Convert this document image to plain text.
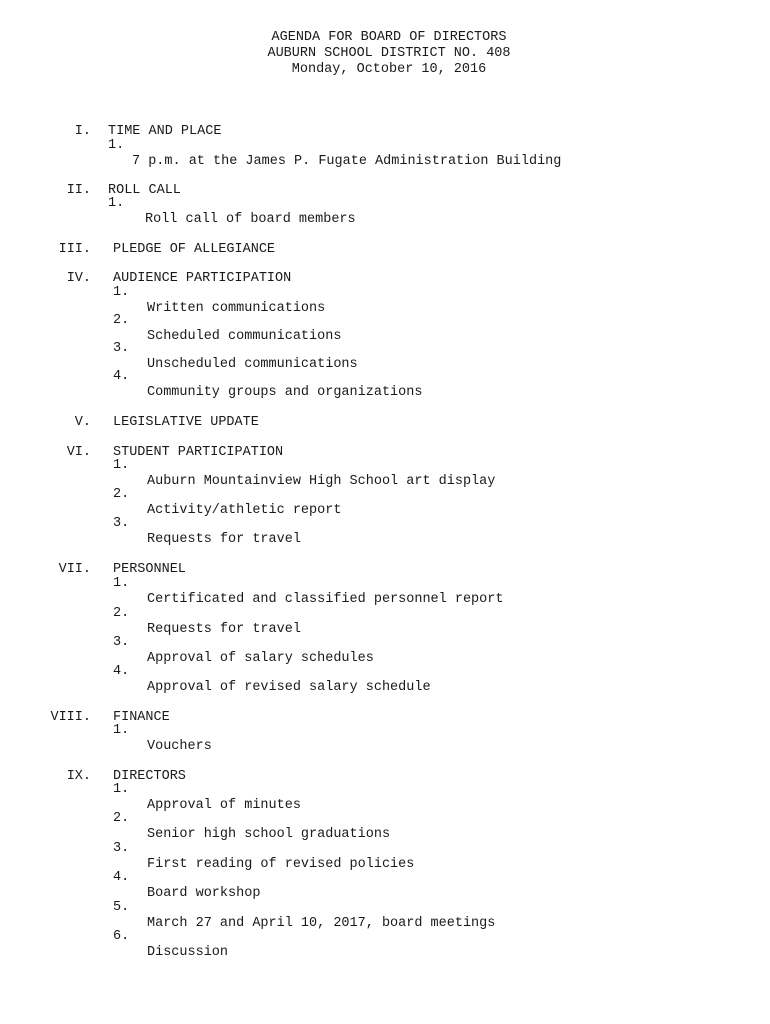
AGENDA FOR BOARD OF DIRECTORS
AUBURN SCHOOL DISTRICT NO. 408
Monday, October 10, 2016

I.

TIME AND PLACE

1.

7 p.m. at the James P. Fugate Administration Building

II.

ROLL CALL

1.

Roll call of board members

III.

PLEDGE OF ALLEGIANCE

IV.

AUDIENCE PARTICIPATION

1.

Written communications

2.

Scheduled communications

3.

Unscheduled communications

4.

Community groups and organizations

V.

LEGISLATIVE UPDATE

VI.

STUDENT PARTICIPATION

1.

Auburn Mountainview High School art display

2.

Activity/athletic report

3.

Requests for travel

VII.

PERSONNEL

1.

Certificated and classified personnel report

2.

Requests for travel

3.

Approval of salary schedules

4.

Approval of revised salary schedule

VIII.

FINANCE

1.

Vouchers

IX.

DIRECTORS

1.

Approval of minutes

2.

Senior high school graduations

3.

First reading of revised policies

4.

Board workshop

5.

March 27 and April 10, 2017, board meetings

6.

Discussion
